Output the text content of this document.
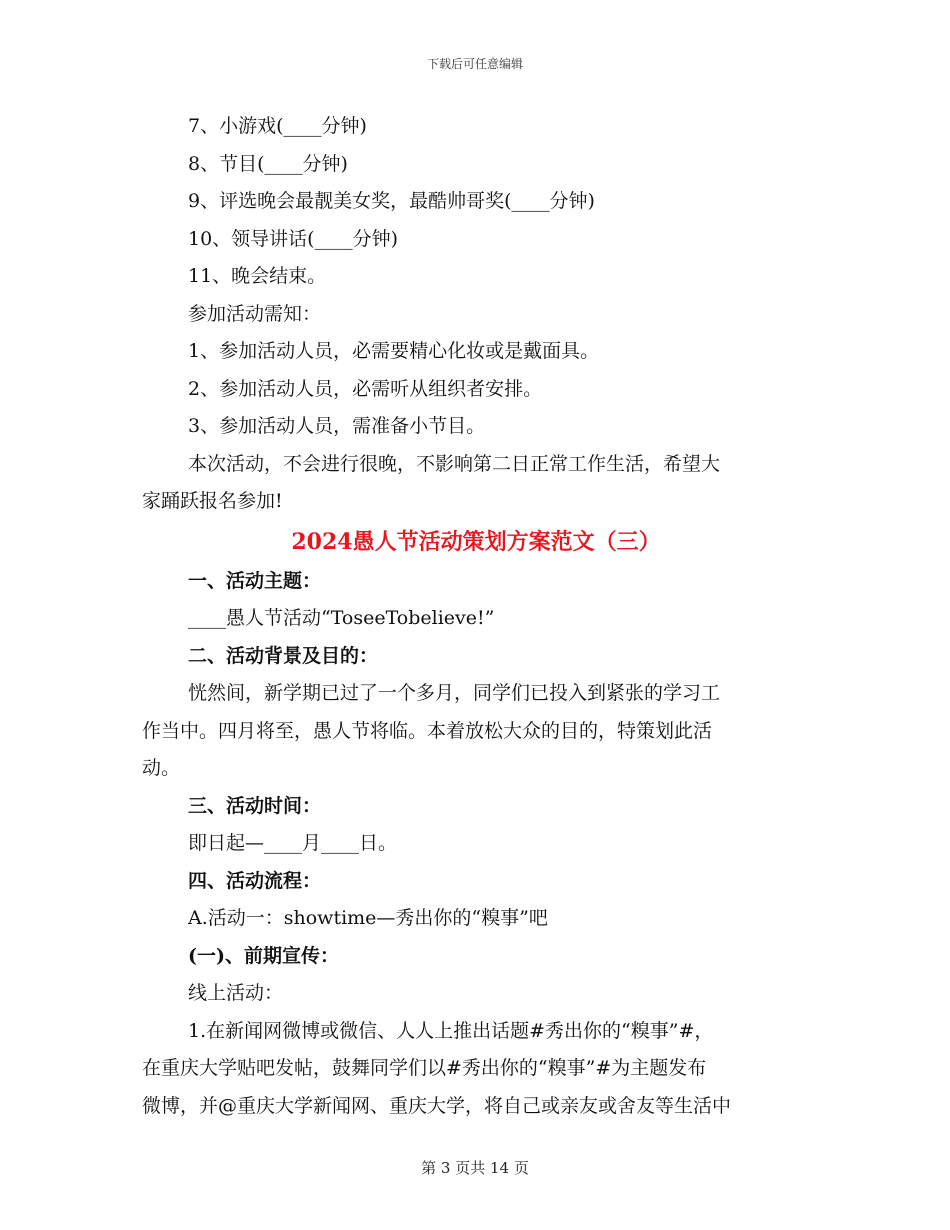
下载后可任意编辑
7、小游戏(____分钟)
8、节目(____分钟)
9、评选晚会最靓美女奖，最酷帅哥奖(____分钟)
10、领导讲话(____分钟)
11、晚会结束。
参加活动需知：
1、参加活动人员，必需要精心化妆或是戴面具。
2、参加活动人员，必需听从组织者安排。
3、参加活动人员，需准备小节目。
本次活动，不会进行很晚，不影响第二日正常工作生活，希望大
家踊跃报名参加!
2024愚人节活动策划方案范文（三）
一、活动主题：
____愚人节活动“ToseeTobelieve!”
二、活动背景及目的：
恍然间，新学期已过了一个多月，同学们已投入到紧张的学习工
作当中。四月将至，愚人节将临。本着放松大众的目的，特策划此活
动。
三、活动时间：
即日起—____月____日。
四、活动流程：
A.活动一：showtime—秀出你的“糗事”吧
(一)、前期宣传：
线上活动：
1.在新闻网微博或微信、人人上推出话题#秀出你的“糗事”#，
在重庆大学贴吧发帖，鼓舞同学们以#秀出你的“糗事”#为主题发布
微博，并@重庆大学新闻网、重庆大学，将自己或亲友或舍友等生活中
第 3 页共 14 页
